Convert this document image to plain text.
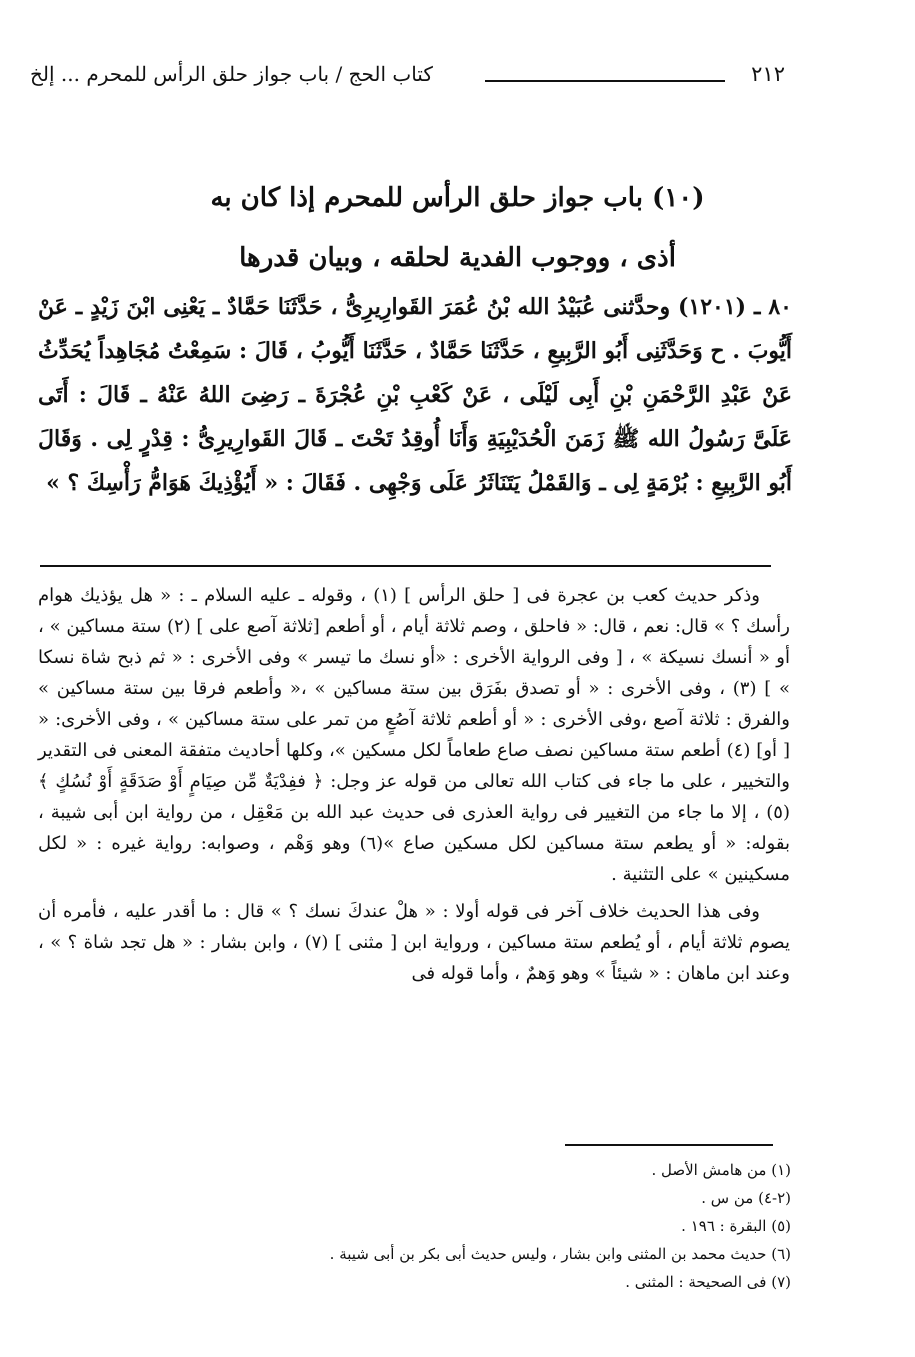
٢١٢
كتاب الحج / باب جواز حلق الرأس للمحرم ... إلخ
(١٠) باب جواز حلق الرأس للمحرم إذا كان به
أذى ، ووجوب الفدية لحلقه ، وبيان قدرها

٨٠ ـ (١٢٠١) وحدَّثنى عُبَيْدُ الله بْنُ عُمَرَ القَوارِيرِىُّ ، حَدَّثَنَا حَمَّادٌ ـ يَعْنِى ابْنَ زَيْدٍ ـ عَنْ أَيُّوبَ . ح وَحَدَّثَنِى أَبُو الرَّبِيعِ ، حَدَّثَنَا حَمَّادٌ ، حَدَّثَنَا أَيُّوبُ ، قَالَ : سَمِعْتُ مُجَاهِداً يُحَدِّثُ عَنْ عَبْدِ الرَّحْمَنِ بْنِ أَبِى لَيْلَى ، عَنْ كَعْبِ بْنِ عُجْرَةَ ـ رَضِىَ اللهُ عَنْهُ ـ قَالَ : أَتَى عَلَىَّ رَسُولُ الله ﷺ زَمَنَ الْحُدَيْبِيَةِ وَأَنَا أُوقِدُ تَحْتَ ـ قَالَ القَوارِيرِىُّ : قِدْرٍ لِى . وَقَالَ أَبُو الرَّبِيعِ : بُرْمَةٍ لِى ـ وَالقَمْلُ يَتَنَاثَرُ عَلَى وَجْهِى . فَقَالَ : « أَيُؤْذِيكَ هَوَامُّ رَأْسِكَ ؟ »

وذكر حديث كعب بن عجرة فى [ حلق الرأس ] (١) ، وقوله ـ عليه السلام ـ : « هل يؤذيك هوام رأسك ؟ » قال: نعم ، قال: « فاحلق ، وصم ثلاثة أيام ، أو أطعم [ثلاثة آصع على ] (٢) ستة مساكين » ، أو « أنسك نسيكة » ، [ وفى الرواية الأخرى : «أو نسك ما تيسر » وفى الأخرى : « ثم ذبح شاة نسكا » ] (٣) ، وفى الأخرى : « أو تصدق بفَرَق بين ستة مساكين » ،« وأطعم فرقا بين ستة مساكين » والفرق : ثلاثة آصع ،وفى الأخرى : « أو أطعم ثلاثة آصُعٍ من تمر على ستة مساكين » ، وفى الأخرى: « [ أو] (٤) أطعم ستة مساكين نصف صاع طعاماً لكل مسكين »، وكلها أحاديث متفقة المعنى فى التقدير والتخيير ، على ما جاء فى كتاب الله تعالى من قوله عز وجل: ﴿ ففِدْيَةٌ مِّن صِيَامٍ أَوْ صَدَقَةٍ أَوْ نُسُكٍ ﴾ (٥) ، إلا ما جاء من التغيير فى رواية العذرى فى حديث عبد الله بن مَعْقِل ، من رواية ابن أبى شيبة ، بقوله: « أو يطعم ستة مساكين لكل مسكين صاع »(٦) وهو وَهْم ، وصوابه: رواية غيره : « لكل مسكينين » على التثنية .

وفى هذا الحديث خلاف آخر فى قوله أولا : « هلْ عندكَ نسك ؟ » قال : ما أقدر عليه ، فأمره أن يصوم ثلاثة أيام ، أو يُطعم ستة مساكين ، ورواية ابن [ مثنى ] (٧) ، وابن بشار : « هل تجد شاة ؟ » ، وعند ابن ماهان : « شيئاً » وهو وَهمٌ ، وأما قوله فى

(١) من هامش الأصل .
(٢-٤) من س .
(٥) البقرة : ١٩٦ .
(٦) حديث محمد بن المثنى وابن بشار ، وليس حديث أبى بكر بن أبى شيبة .
(٧) فى الصحيحة : المثنى .
